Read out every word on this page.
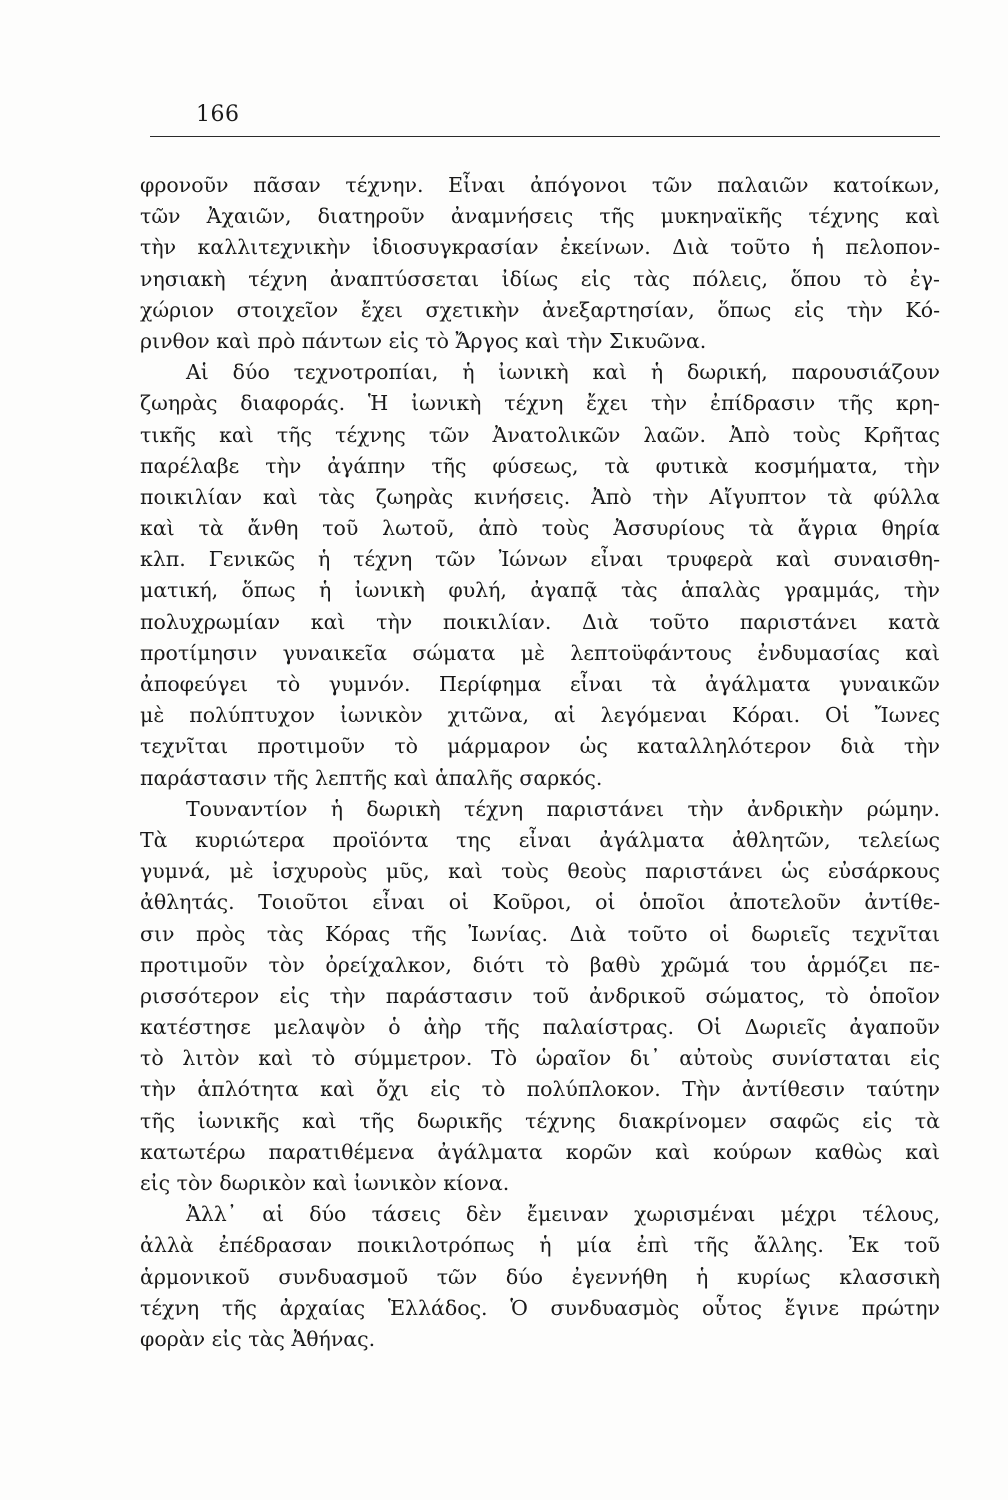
166
φρονοῦν πᾶσαν τέχνην. Εἶναι ἀπόγονοι τῶν παλαιῶν κατοίκων,
τῶν Ἀχαιῶν, διατηροῦν ἀναμνήσεις τῆς μυκηναϊκῆς τέχνης καὶ
τὴν καλλιτεχνικὴν ἰδιοσυγκρασίαν ἐκείνων. Διὰ τοῦτο ἡ πελοπον-
νησιακὴ τέχνη ἀναπτύσσεται ἰδίως εἰς τὰς πόλεις, ὅπου τὸ ἐγ-
χώριον στοιχεῖον ἔχει σχετικὴν ἀνεξαρτησίαν, ὅπως εἰς τὴν Κό-
ρινθον καὶ πρὸ πάντων εἰς τὸ Ἄργος καὶ τὴν Σικυῶνα.
Αἱ δύο τεχνοτροπίαι, ἡ ἰωνικὴ καὶ ἡ δωρική, παρουσιάζουν
ζωηρὰς διαφοράς. Ἡ ἰωνικὴ τέχνη ἔχει τὴν ἐπίδρασιν τῆς κρη-
τικῆς καὶ τῆς τέχνης τῶν Ἀνατολικῶν λαῶν. Ἀπὸ τοὺς Κρῆτας
παρέλαβε τὴν ἀγάπην τῆς φύσεως, τὰ φυτικὰ κοσμήματα, τὴν
ποικιλίαν καὶ τὰς ζωηρὰς κινήσεις. Ἀπὸ τὴν Αἴγυπτον τὰ φύλλα
καὶ τὰ ἄνθη τοῦ λωτοῦ, ἀπὸ τοὺς Ἀσσυρίους τὰ ἄγρια θηρία
κλπ. Γενικῶς ἡ τέχνη τῶν Ἰώνων εἶναι τρυφερὰ καὶ συναισθη-
ματική, ὅπως ἡ ἰωνικὴ φυλή, ἀγαπᾷ τὰς ἁπαλὰς γραμμάς, τὴν
πολυχρωμίαν καὶ τὴν ποικιλίαν. Διὰ τοῦτο παριστάνει κατὰ
προτίμησιν γυναικεῖα σώματα μὲ λεπτοϋφάντους ἐνδυμασίας καὶ
ἀποφεύγει τὸ γυμνόν. Περίφημα εἶναι τὰ ἀγάλματα γυναικῶν
μὲ πολύπτυχον ἰωνικὸν χιτῶνα, αἱ λεγόμεναι Κόραι. Οἱ Ἴωνες
τεχνῖται προτιμοῦν τὸ μάρμαρον ὡς καταλληλότερον διὰ τὴν
παράστασιν τῆς λεπτῆς καὶ ἁπαλῆς σαρκός.
Τουναντίον ἡ δωρικὴ τέχνη παριστάνει τὴν ἀνδρικὴν ρώμην.
Τὰ κυριώτερα προϊόντα της εἶναι ἀγάλματα ἀθλητῶν, τελείως
γυμνά, μὲ ἰσχυροὺς μῦς, καὶ τοὺς θεοὺς παριστάνει ὡς εὐσάρκους
ἀθλητάς. Τοιοῦτοι εἶναι οἱ Κοῦροι, οἱ ὁποῖοι ἀποτελοῦν ἀντίθε-
σιν πρὸς τὰς Κόρας τῆς Ἰωνίας. Διὰ τοῦτο οἱ δωριεῖς τεχνῖται
προτιμοῦν τὸν ὀρείχαλκον, διότι τὸ βαθὺ χρῶμά του ἁρμόζει πε-
ρισσότερον εἰς τὴν παράστασιν τοῦ ἀνδρικοῦ σώματος, τὸ ὁποῖον
κατέστησε μελαψὸν ὁ ἀὴρ τῆς παλαίστρας. Οἱ Δωριεῖς ἀγαποῦν
τὸ λιτὸν καὶ τὸ σύμμετρον. Τὸ ὡραῖον δι᾽ αὐτοὺς συνίσταται εἰς
τὴν ἁπλότητα καὶ ὄχι εἰς τὸ πολύπλοκον. Τὴν ἀντίθεσιν ταύτην
τῆς ἰωνικῆς καὶ τῆς δωρικῆς τέχνης διακρίνομεν σαφῶς εἰς τὰ
κατωτέρω παρατιθέμενα ἀγάλματα κορῶν καὶ κούρων καθὼς καὶ
εἰς τὸν δωρικὸν καὶ ἰωνικὸν κίονα.
Ἀλλ᾽ αἱ δύο τάσεις δὲν ἔμειναν χωρισμέναι μέχρι τέλους,
ἀλλὰ ἐπέδρασαν ποικιλοτρόπως ἡ μία ἐπὶ τῆς ἄλλης. Ἐκ τοῦ
ἁρμονικοῦ συνδυασμοῦ τῶν δύο ἐγεννήθη ἡ κυρίως κλασσικὴ
τέχνη τῆς ἀρχαίας Ἑλλάδος. Ὁ συνδυασμὸς οὗτος ἔγινε πρώτην
φορὰν εἰς τὰς Ἀθήνας.
